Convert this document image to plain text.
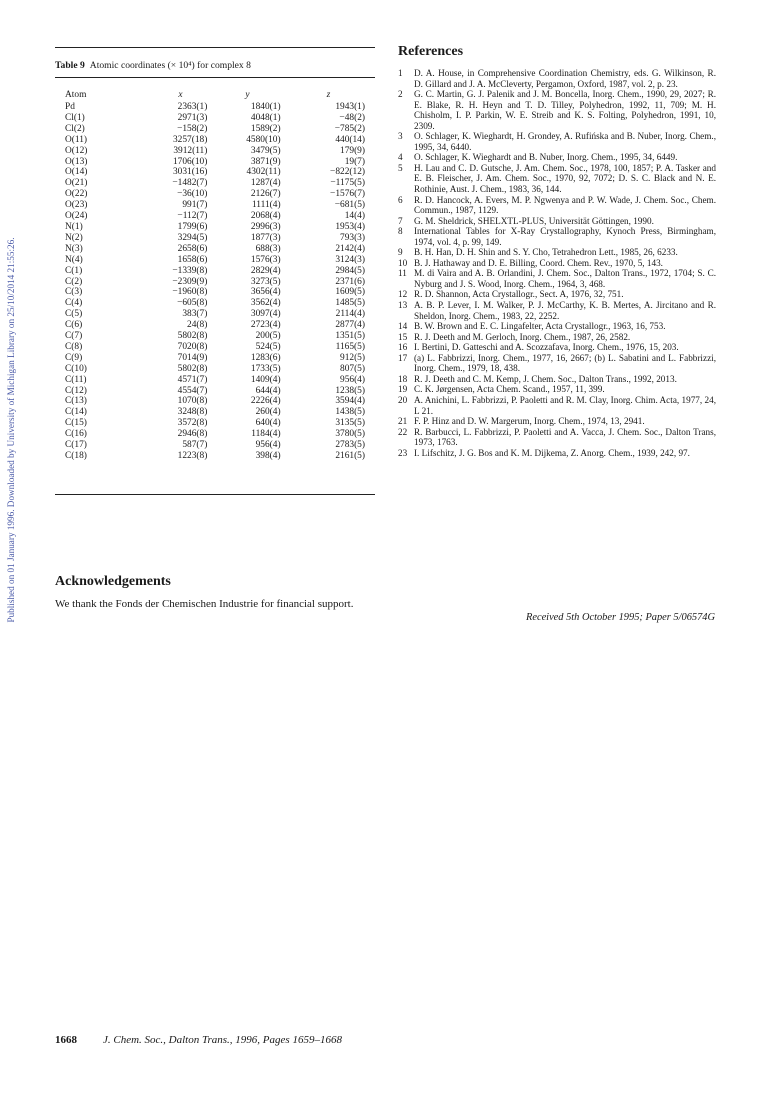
Published on 01 January 1996. Downloaded by University of Michigan Library on 25/10/2014 21:55:26.
Table 9 Atomic coordinates (× 10⁴) for complex 8
Atom	x	y	z
Pd	2363(1)	1840(1)	1943(1)
Cl(1)	2971(3)	4048(1)	−48(2)
Cl(2)	−158(2)	1589(2)	−785(2)
O(11)	3257(18)	4580(10)	440(14)
O(12)	3912(11)	3479(5)	179(9)
O(13)	1706(10)	3871(9)	19(7)
O(14)	3031(16)	4302(11)	−822(12)
O(21)	−1482(7)	1287(4)	−1175(5)
O(22)	−36(10)	2126(7)	−1576(7)
O(23)	991(7)	1111(4)	−681(5)
O(24)	−112(7)	2068(4)	14(4)
N(1)	1799(6)	2996(3)	1953(4)
N(2)	3294(5)	1877(3)	793(3)
N(3)	2658(6)	688(3)	2142(4)
N(4)	1658(6)	1576(3)	3124(3)
C(1)	−1339(8)	2829(4)	2984(5)
C(2)	−2309(9)	3273(5)	2371(6)
C(3)	−1960(8)	3656(4)	1609(5)
C(4)	−605(8)	3562(4)	1485(5)
C(5)	383(7)	3097(4)	2114(4)
C(6)	24(8)	2723(4)	2877(4)
C(7)	5802(8)	200(5)	1351(5)
C(8)	7020(8)	524(5)	1165(5)
C(9)	7014(9)	1283(6)	912(5)
C(10)	5802(8)	1733(5)	807(5)
C(11)	4571(7)	1409(4)	956(4)
C(12)	4554(7)	644(4)	1238(5)
C(13)	1070(8)	2226(4)	3594(4)
C(14)	3248(8)	260(4)	1438(5)
C(15)	3572(8)	640(4)	3135(5)
C(16)	2946(8)	1184(4)	3780(5)
C(17)	587(7)	956(4)	2783(5)
C(18)	1223(8)	398(4)	2161(5)
Acknowledgements
We thank the Fonds der Chemischen Industrie for financial support.
References

1 D. A. House, in Comprehensive Coordination Chemistry, eds. G. Wilkinson, R. D. Gillard and J. A. McCleverty, Pergamon, Oxford, 1987, vol. 2, p. 23.

2 G. C. Martin, G. J. Palenik and J. M. Boncella, Inorg. Chem., 1990, 29, 2027; R. E. Blake, R. H. Heyn and T. D. Tilley, Polyhedron, 1992, 11, 709; M. H. Chisholm, I. P. Parkin, W. E. Streib and K. S. Folting, Polyhedron, 1991, 10, 2309.

3 O. Schlager, K. Wieghardt, H. Grondey, A. Rufińska and B. Nuber, Inorg. Chem., 1995, 34, 6440.

4 O. Schlager, K. Wieghardt and B. Nuber, Inorg. Chem., 1995, 34, 6449.

5 H. Lau and C. D. Gutsche, J. Am. Chem. Soc., 1978, 100, 1857; P. A. Tasker and E. B. Fleischer, J. Am. Chem. Soc., 1970, 92, 7072; D. S. C. Black and N. E. Rothinie, Aust. J. Chem., 1983, 36, 144.

6 R. D. Hancock, A. Evers, M. P. Ngwenya and P. W. Wade, J. Chem. Soc., Chem. Commun., 1987, 1129.

7 G. M. Sheldrick, SHELXTL-PLUS, Universität Göttingen, 1990.

8 International Tables for X-Ray Crystallography, Kynoch Press, Birmingham, 1974, vol. 4, p. 99, 149.

9 B. H. Han, D. H. Shin and S. Y. Cho, Tetrahedron Lett., 1985, 26, 6233.

10 B. J. Hathaway and D. E. Billing, Coord. Chem. Rev., 1970, 5, 143.

11 M. di Vaira and A. B. Orlandini, J. Chem. Soc., Dalton Trans., 1972, 1704; S. C. Nyburg and J. S. Wood, Inorg. Chem., 1964, 3, 468.

12 R. D. Shannon, Acta Crystallogr., Sect. A, 1976, 32, 751.

13 A. B. P. Lever, I. M. Walker, P. J. McCarthy, K. B. Mertes, A. Jircitano and R. Sheldon, Inorg. Chem., 1983, 22, 2252.

14 B. W. Brown and E. C. Lingafelter, Acta Crystallogr., 1963, 16, 753.

15 R. J. Deeth and M. Gerloch, Inorg. Chem., 1987, 26, 2582.

16 I. Bertini, D. Gatteschi and A. Scozzafava, Inorg. Chem., 1976, 15, 203.

17 (a) L. Fabbrizzi, Inorg. Chem., 1977, 16, 2667; (b) L. Sabatini and L. Fabbrizzi, Inorg. Chem., 1979, 18, 438.

18 R. J. Deeth and C. M. Kemp, J. Chem. Soc., Dalton Trans., 1992, 2013.

19 C. K. Jørgensen, Acta Chem. Scand., 1957, 11, 399.

20 A. Anichini, L. Fabbrizzi, P. Paoletti and R. M. Clay, Inorg. Chim. Acta, 1977, 24, L 21.

21 F. P. Hinz and D. W. Margerum, Inorg. Chem., 1974, 13, 2941.

22 R. Barbucci, L. Fabbrizzi, P. Paoletti and A. Vacca, J. Chem. Soc., Dalton Trans, 1973, 1763.

23 I. Lifschitz, J. G. Bos and K. M. Dijkema, Z. Anorg. Chem., 1939, 242, 97.

Received 5th October 1995; Paper 5/06574G
1668 J. Chem. Soc., Dalton Trans., 1996, Pages 1659–1668
